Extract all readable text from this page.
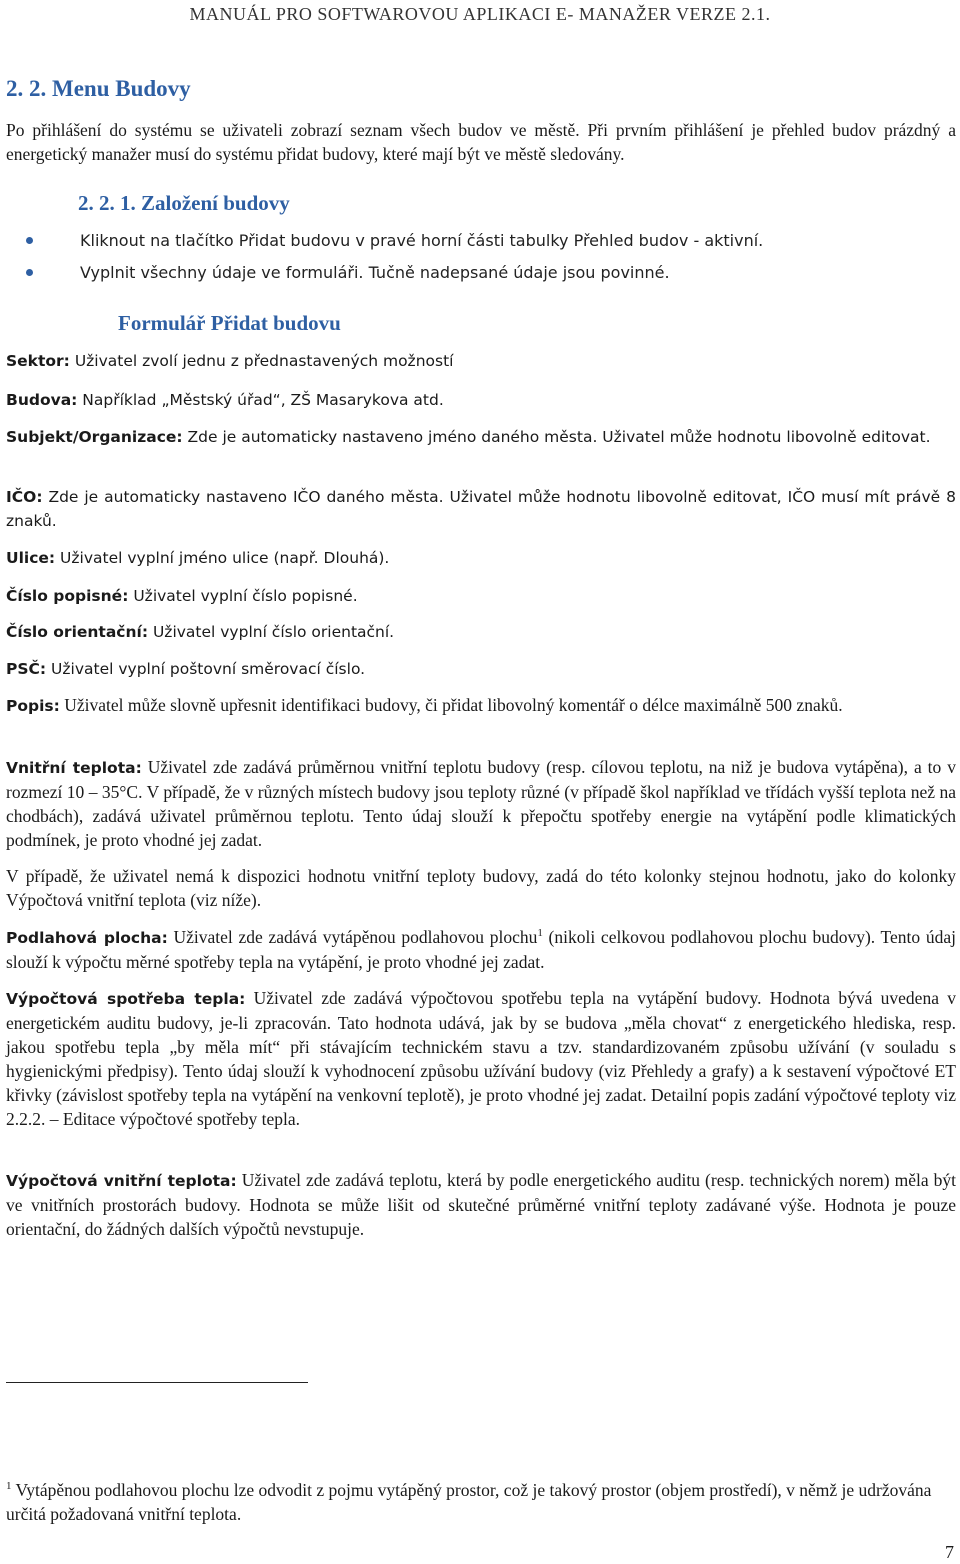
MANUÁL PRO SOFTWAROVOU APLIKACI E- MANAŽER VERZE 2.1.
2. 2. Menu Budovy
Po přihlášení do systému se uživateli zobrazí seznam všech budov ve městě. Při prvním přihlášení je přehled budov prázdný a energetický manažer musí do systému přidat budovy, které mají být ve městě sledovány.
2. 2. 1. Založení budovy
Kliknout na tlačítko Přidat budovu v pravé horní části tabulky Přehled budov - aktivní.
Vyplnit všechny údaje ve formuláři. Tučně nadepsané údaje jsou povinné.
Formulář Přidat budovu
Sektor: Uživatel zvolí jednu z přednastavených možností
Budova: Například „Městský úřad“, ZŠ Masarykova atd.
Subjekt/Organizace: Zde je automaticky nastaveno jméno daného města. Uživatel může hodnotu libovolně editovat.
IČO: Zde je automaticky nastaveno IČO daného města. Uživatel může hodnotu libovolně editovat, IČO musí mít právě 8 znaků.
Ulice: Uživatel vyplní jméno ulice (např. Dlouhá).
Číslo popisné: Uživatel vyplní číslo popisné.
Číslo orientační: Uživatel vyplní číslo orientační.
PSČ: Uživatel vyplní poštovní směrovací číslo.
Popis: Uživatel může slovně upřesnit identifikaci budovy, či přidat libovolný komentář o délce maximálně 500 znaků.
Vnitřní teplota: Uživatel zde zadává průměrnou vnitřní teplotu budovy (resp. cílovou teplotu, na niž je budova vytápěna), a to v rozmezí 10 – 35°C. V případě, že v různých místech budovy jsou teploty různé (v případě škol například ve třídách vyšší teplota než na chodbách), zadává uživatel průměrnou teplotu. Tento údaj slouží k přepočtu spotřeby energie na vytápění podle klimatických podmínek, je proto vhodné jej zadat.
V případě, že uživatel nemá k dispozici hodnotu vnitřní teploty budovy, zadá do této kolonky stejnou hodnotu, jako do kolonky Výpočtová vnitřní teplota (viz níže).
Podlahová plocha: Uživatel zde zadává vytápěnou podlahovou plochu$^1$ (nikoli celkovou podlahovou plochu budovy). Tento údaj slouží k výpočtu měrné spotřeby tepla na vytápění, je proto vhodné jej zadat.
Výpočtová spotřeba tepla: Uživatel zde zadává výpočtovou spotřebu tepla na vytápění budovy. Hodnota bývá uvedena v energetickém auditu budovy, je-li zpracován. Tato hodnota udává, jak by se budova „měla chovat“ z energetického hlediska, resp. jakou spotřebu tepla „by měla mít“ při stávajícím technickém stavu a tzv. standardizovaném způsobu užívání (v souladu s hygienickými předpisy). Tento údaj slouží k vyhodnocení způsobu užívání budovy (viz Přehledy a grafy) a k sestavení výpočtové ET křivky (závislost spotřeby tepla na vytápění na venkovní teplotě), je proto vhodné jej zadat. Detailní popis zadání výpočtové teploty viz 2.2.2. – Editace výpočtové spotřeby tepla.
Výpočtová vnitřní teplota: Uživatel zde zadává teplotu, která by podle energetického auditu (resp. technických norem) měla být ve vnitřních prostorách budovy. Hodnota se může lišit od skutečné průměrné vnitřní teploty zadávané výše. Hodnota je pouze orientační, do žádných dalších výpočtů nevstupuje.
$^1$ Vytápěnou podlahovou plochu lze odvodit z pojmu vytápěný prostor, což je takový prostor (objem prostředí), v němž je udržována určitá požadovaná vnitřní teplota.
7
